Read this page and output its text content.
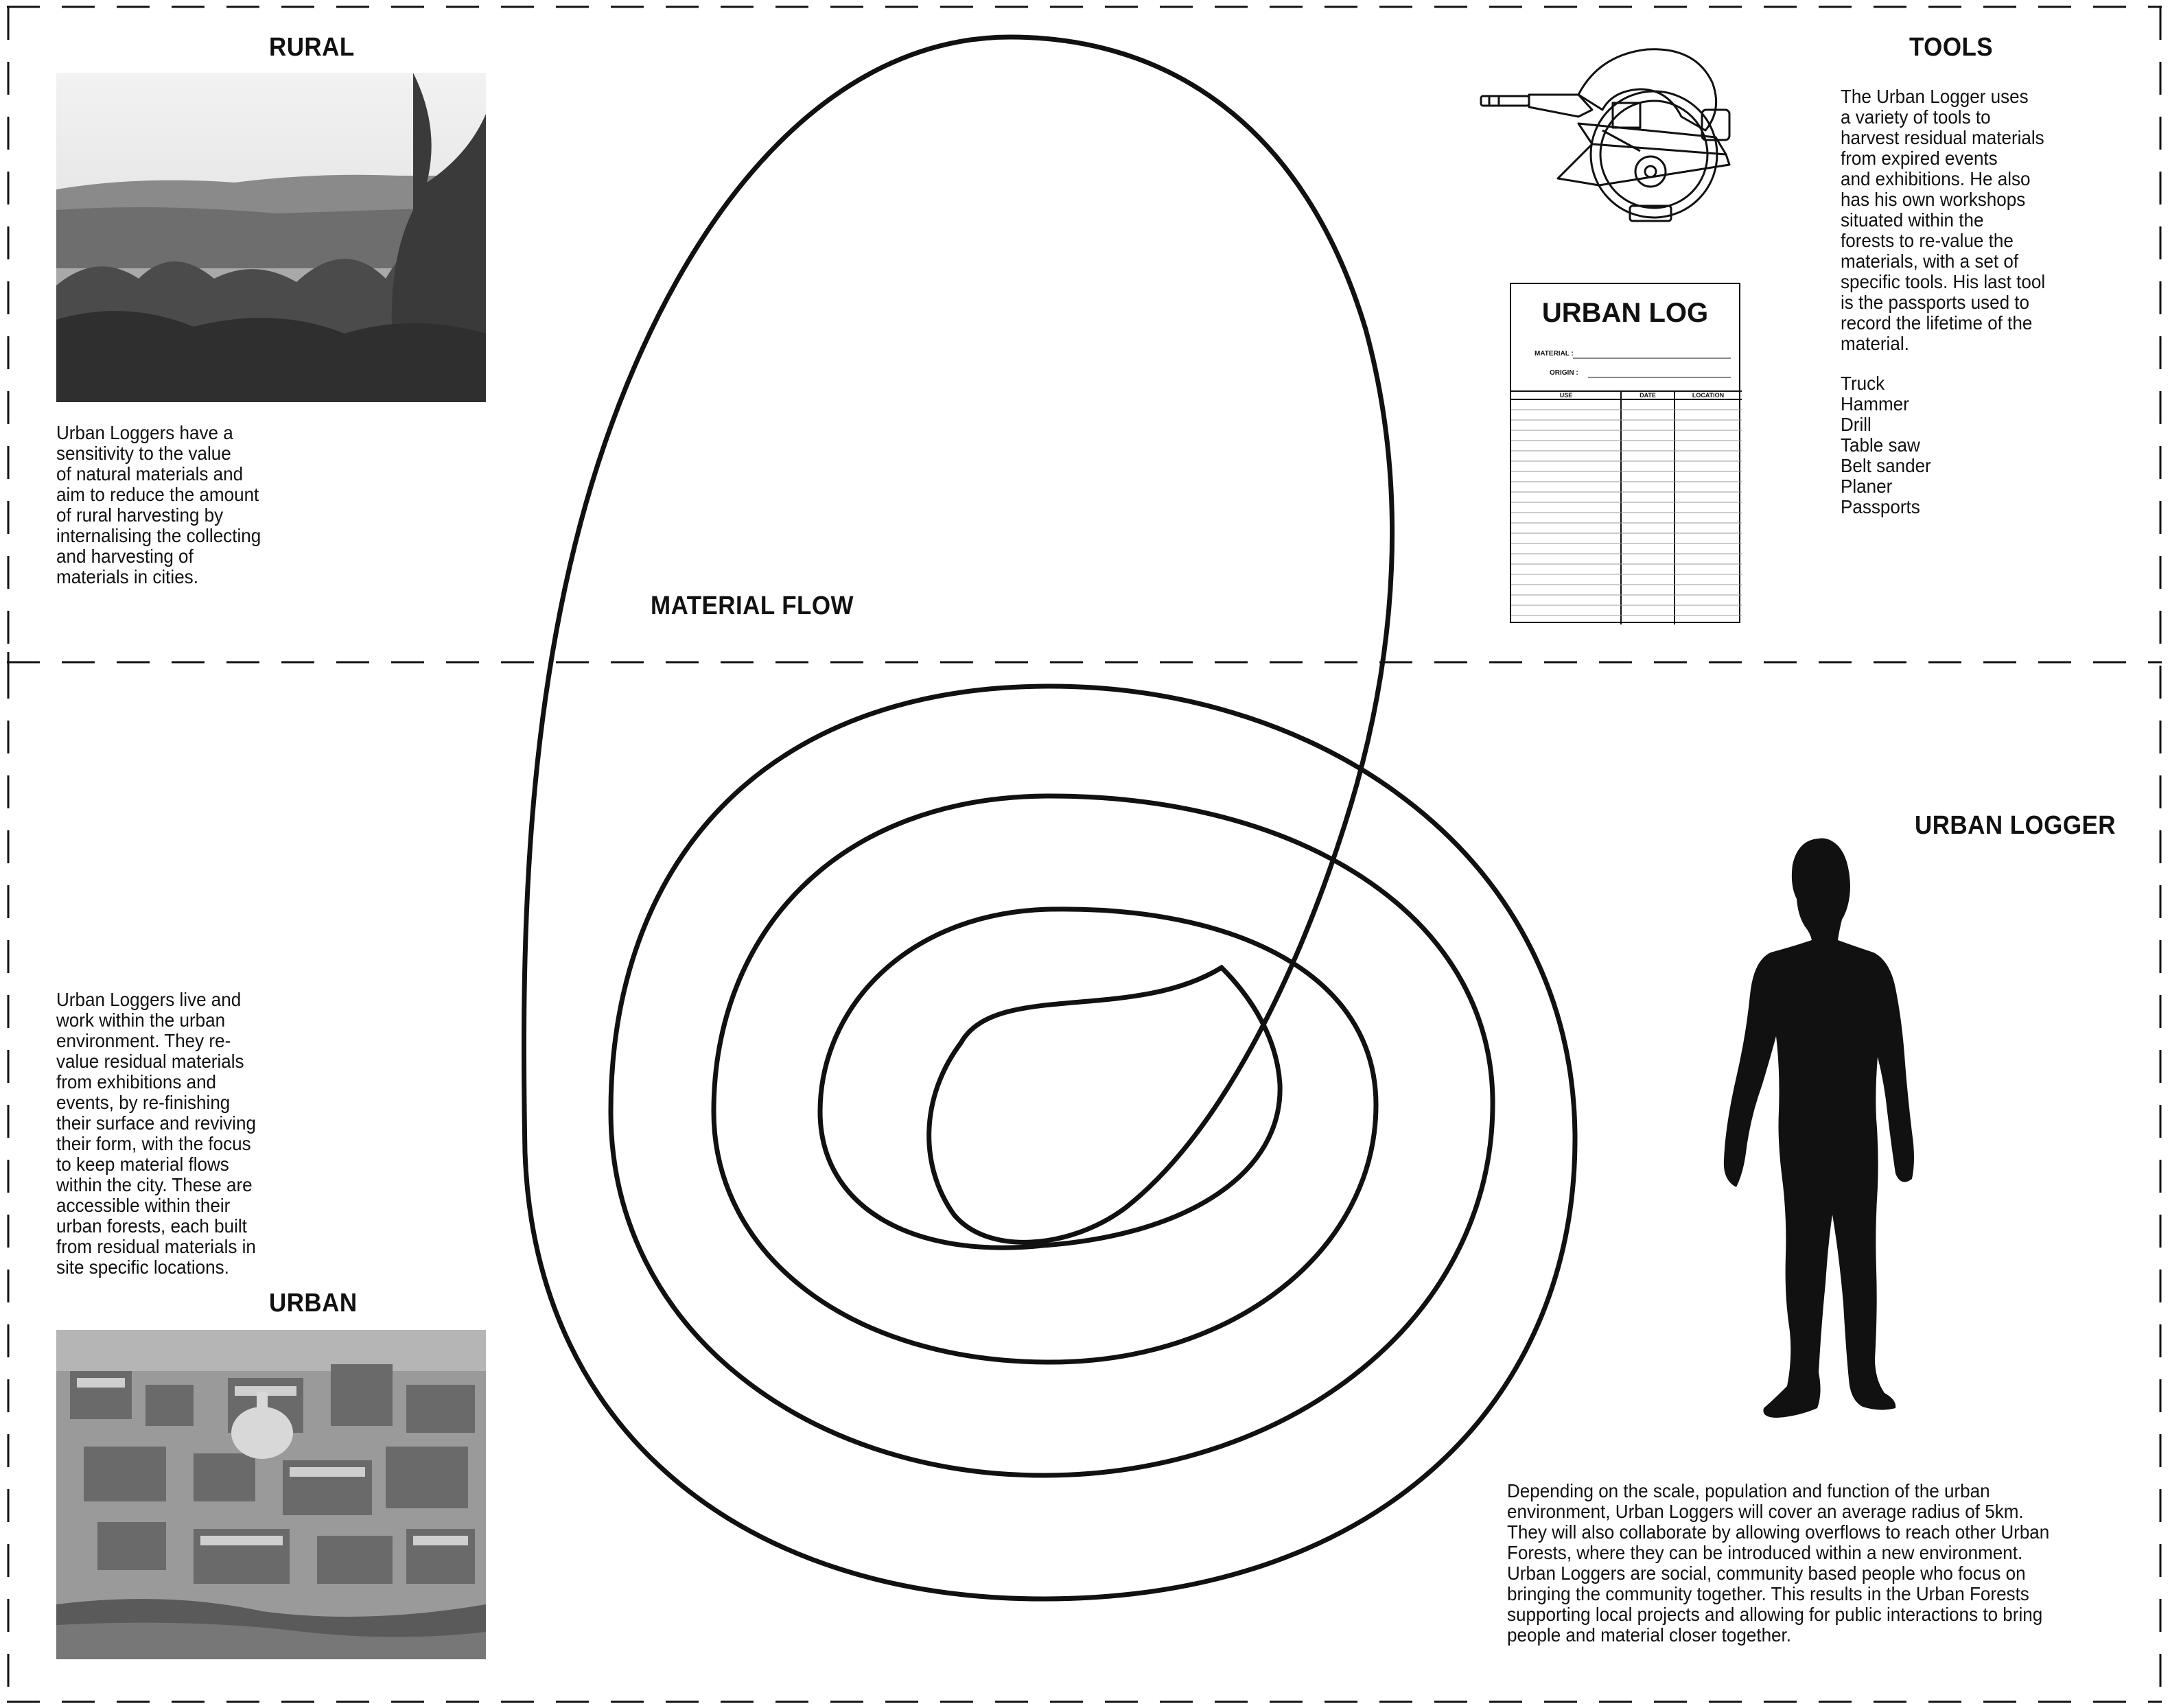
RURAL
Urban Loggers have a
sensitivity to the value
of natural materials and
aim to reduce the amount
of rural harvesting by
internalising the collecting
and harvesting of
materials in cities.
MATERIAL FLOW
Urban Loggers live and
work within the urban
environment. They re-
value residual materials
from exhibitions and
events, by re-finishing
their surface and reviving
their form, with the focus
to keep material flows
within the city. These are
accessible within their
urban forests, each built
from residual materials in
site specific locations.
URBAN
TOOLS
The Urban Logger uses
a variety of tools to
harvest residual materials
from expired events
and exhibitions. He also
has his own workshops
situated within the
forests to re-value the
materials, with a set of
specific tools. His last tool
is the passports used to
record the lifetime of the
material.
Truck
Hammer
Drill
Table saw
Belt sander
Planer
Passports
URBAN LOG
MATERIAL :
ORIGIN :
USE	DATE	LOCATION
URBAN LOGGER
Depending on the scale, population and function of the urban
environment, Urban Loggers will cover an average radius of 5km.
They will also collaborate by allowing overflows to reach other Urban
Forests, where they can be introduced within a new environment.
Urban Loggers are social, community based people who focus on
bringing the community together. This results in the Urban Forests
supporting local projects and allowing for public interactions to bring
people and material closer together.
